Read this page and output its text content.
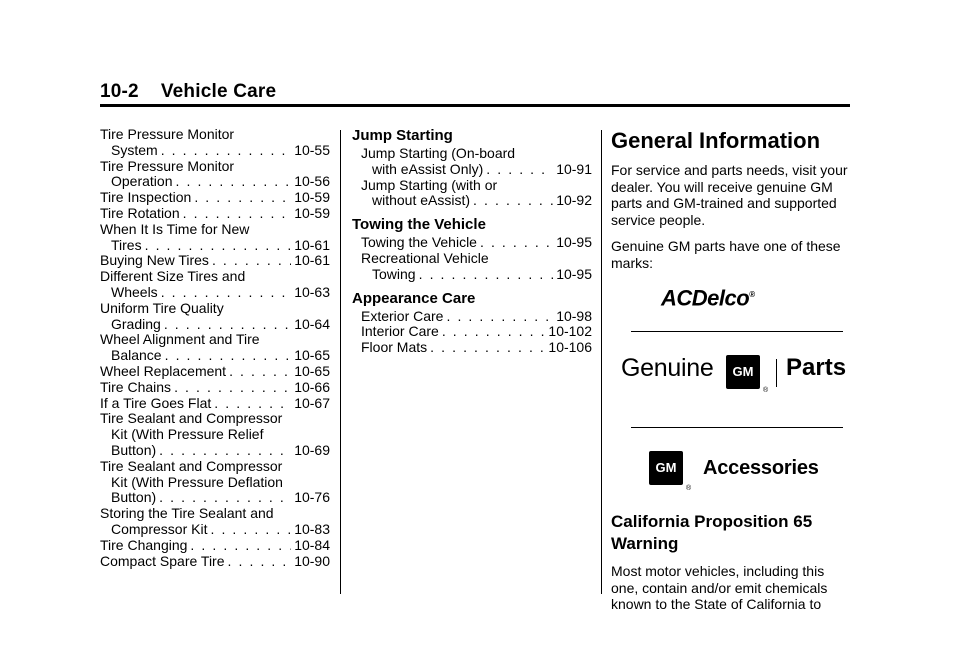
10-2 Vehicle Care
Tire Pressure Monitor
System . . .	10-55
Tire Pressure Monitor
Operation . . .	10-56
Tire Inspection . . .	10-59
Tire Rotation . . .	10-59
When It Is Time for New
Tires . . .	10-61
Buying New Tires . . .	10-61
Different Size Tires and
Wheels . . .	10-63
Uniform Tire Quality
Grading . . .	10-64
Wheel Alignment and Tire
Balance . . .	10-65
Wheel Replacement . . .	10-65
Tire Chains . . .	10-66
If a Tire Goes Flat . . .	10-67
Tire Sealant and Compressor
Kit (With Pressure Relief
Button) . . .	10-69
Tire Sealant and Compressor
Kit (With Pressure Deflation
Button) . . .	10-76
Storing the Tire Sealant and
Compressor Kit . . .	10-83
Tire Changing . . .	10-84
Compact Spare Tire . . .	10-90
Jump Starting
Jump Starting (On-board
with eAssist Only) . . .	10-91
Jump Starting (with or
without eAssist) . . .	10-92
Towing the Vehicle
Towing the Vehicle . . .	10-95
Recreational Vehicle
Towing . . .	10-95
Appearance Care
Exterior Care . . .	10-98
Interior Care . . .	10-102
Floor Mats . . .	10-106
General Information
For service and parts needs, visit your dealer. You will receive genuine GM parts and GM-trained and supported service people.
Genuine GM parts have one of these marks:
ACDelco®
Genuine	GM
®
Parts
GM
®
Accessories
California Proposition 65 Warning
Most motor vehicles, including this one, contain and/or emit chemicals known to the State of California to
